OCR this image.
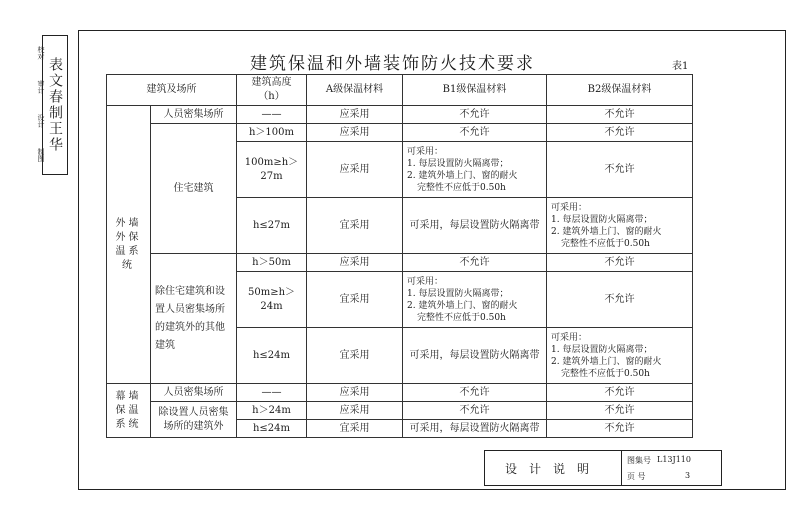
校对
审计
设计
制图
表文春制王华	建筑保温和外墙装饰防火技术要求	表1
建筑及场所		建筑高度（h）	A级保温材料	B1级保温材料	B2级保温材料
外墙外保温系统	人员密集场所	——	应采用	不允许	不允许
	住宅建筑	h＞100m	应采用	不允许	不允许
		100m≥h＞27m	应采用	可采用：
1. 每层设置防火隔离带；
2. 建筑外墙上门、窗的耐火
完整性不应低于0.50h	不允许
		h≤27m	宜采用	可采用，每层设置防火隔离带	可采用：
1. 每层设置防火隔离带；
2. 建筑外墙上门、窗的耐火
完整性不应低于0.50h

	除住宅建筑和设置人员密集场所的建筑外的其他建筑	h＞50m	应采用	不允许	不允许
		50m≥h＞24m	宜采用	可采用：
1. 每层设置防火隔离带；
2. 建筑外墙上门、窗的耐火
完整性不应低于0.50h	不允许
		h≤24m	宜采用	可采用，每层设置防火隔离带	可采用：
1. 每层设置防火隔离带；
2. 建筑外墙上门、窗的耐火
完整性不应低于0.50h

幕墙保温系统	人员密集场所	——	应采用	不允许	不允许
	除设置人员密集场所的建筑外	h＞24m	应采用	不允许	不允许
		h≤24m	宜采用	可采用，每层设置防火隔离带	不允许
设计说明
图集号 L13J110
页 号	3
